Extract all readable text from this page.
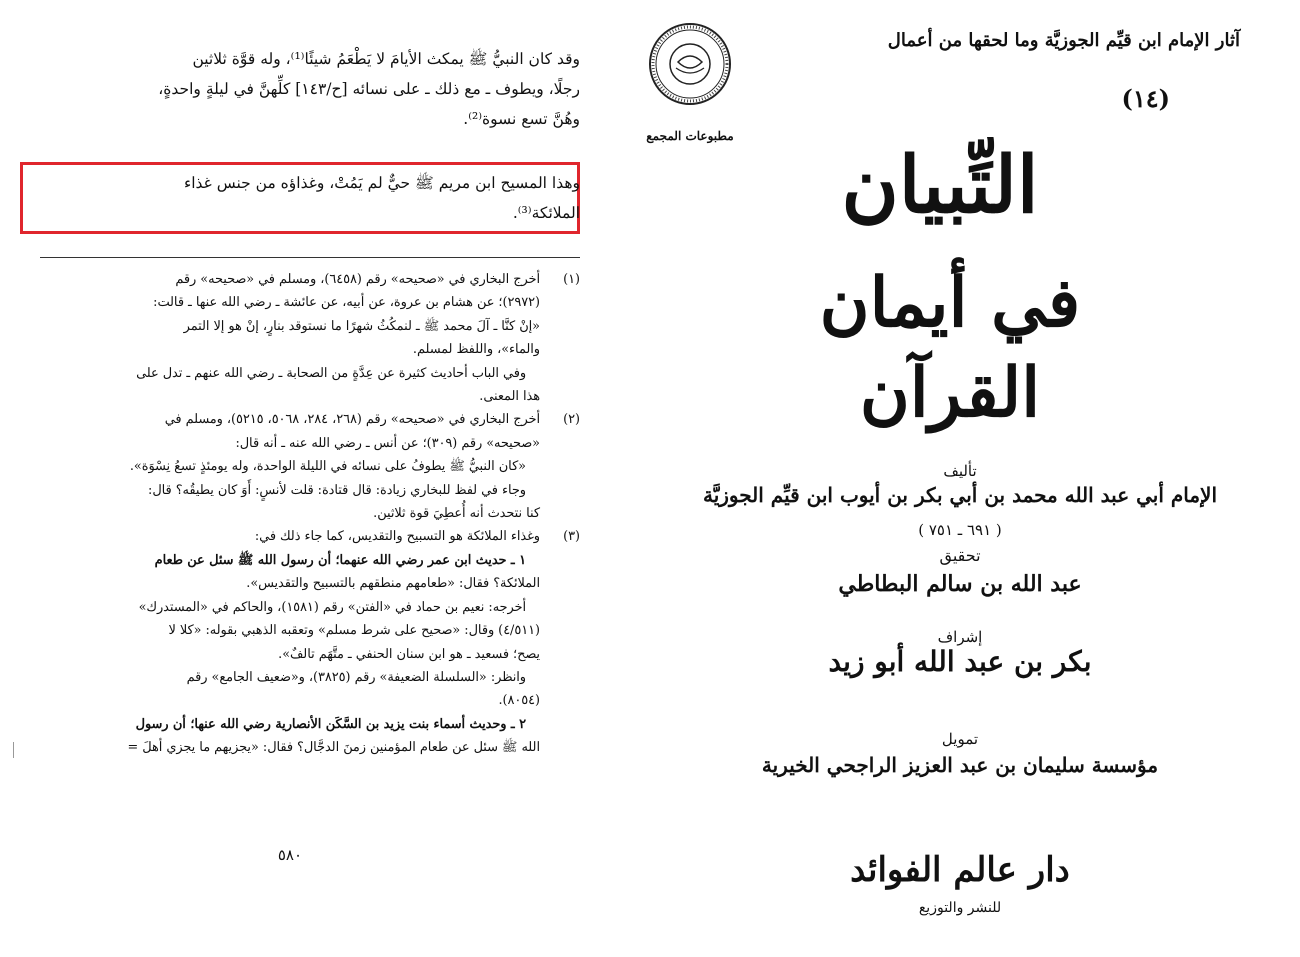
وقد كان النبيُّ ﷺ يمكث الأيامَ لا يَطْعَمُ شيئًا⁽¹⁾، وله قوَّة ثلاثين
رجلًا، ويطوف ـ مع ذلك ـ على نسائه [ح/١٤٣] كلِّهنَّ في ليلةٍ واحدةٍ،
وهُنَّ تسع نسوة⁽²⁾.
وهذا المسيح ابن مريم ﷺ حيٌّ لم يَمُتْ، وغذاؤه من جنس غذاء
الملائكة⁽³⁾.
(١)
أخرج البخاري في «صحيحه» رقم (٦٤٥٨)، ومسلم في «صحيحه» رقم
(٢٩٧٢)؛ عن هشام بن عروة، عن أبيه، عن عائشة ـ رضي الله عنها ـ قالت:
«إنْ كنَّا ـ آلَ محمد ﷺ ـ لنمكُثُ شهرًا ما نستوقد بنارٍ، إنْ هو إلا التمر
والماء»، واللفظ لمسلم.
وفي الباب أحاديث كثيرة عن عِدَّةٍ من الصحابة ـ رضي الله عنهم ـ تدل على
هذا المعنى.
(٢)
أخرج البخاري في «صحيحه» رقم (٢٦٨، ٢٨٤، ٥٠٦٨، ٥٢١٥)، ومسلم في
«صحيحه» رقم (٣٠٩)؛ عن أنس ـ رضي الله عنه ـ أنه قال:
«كان النبيُّ ﷺ يطوفُ على نسائه في الليلة الواحدة، وله يومئذٍ تسعُ نِسْوَة».
وجاء في لفظ للبخاري زيادة: قال قتادة: قلت لأنسٍ: أَوَ كان يطيقُه؟ قال:
كنا نتحدث أنه أُعطِيَ قوة ثلاثين.
(٣)
وغذاء الملائكة هو التسبيح والتقديس، كما جاء ذلك في:
١ ـ حديث ابن عمر رضي الله عنهما؛ أن رسول الله ﷺ سئل عن طعام
الملائكة؟ فقال: «طعامهم منطقهم بالتسبيح والتقديس».
أخرجه: نعيم بن حماد في «الفتن» رقم (١٥٨١)، والحاكم في «المستدرك»
(٤/٥١١) وقال: «صحيح على شرط مسلم» وتعقبه الذهبي بقوله: «كلا لا
يصح؛ فسعيد ـ هو ابن سنان الحنفي ـ متَّهَم تالفٌ».
وانظر: «السلسلة الضعيفة» رقم (٣٨٢٥)، و«ضعيف الجامع» رقم
(٨٠٥٤).
٢ ـ وحديث أسماء بنت يزيد بن السَّكَن الأنصارية رضي الله عنها؛ أن رسول
الله ﷺ سئل عن طعام المؤمنين زمنَ الدجَّال؟ فقال: «يجزيهم ما يجزي أهلَ =
٥٨٠
آثار الإمام ابن قيِّم الجوزيَّة وما لحقها من أعمال
(١٤)
مطبوعات المجمع
التِّبيان
في أيمان القرآن
تأليف
الإمام أبي عبد الله محمد بن أبي بكر بن أيوب ابن قيِّم الجوزيَّة
( ٦٩١ ـ ٧٥١ )
تحقيق
عبد الله بن سالم البطاطي
إشراف
بكر بن عبد الله أبو زيد
تمويل
مؤسسة سليمان بن عبد العزيز الراجحي الخيرية
دار عالم الفوائد
للنشر والتوزيع
